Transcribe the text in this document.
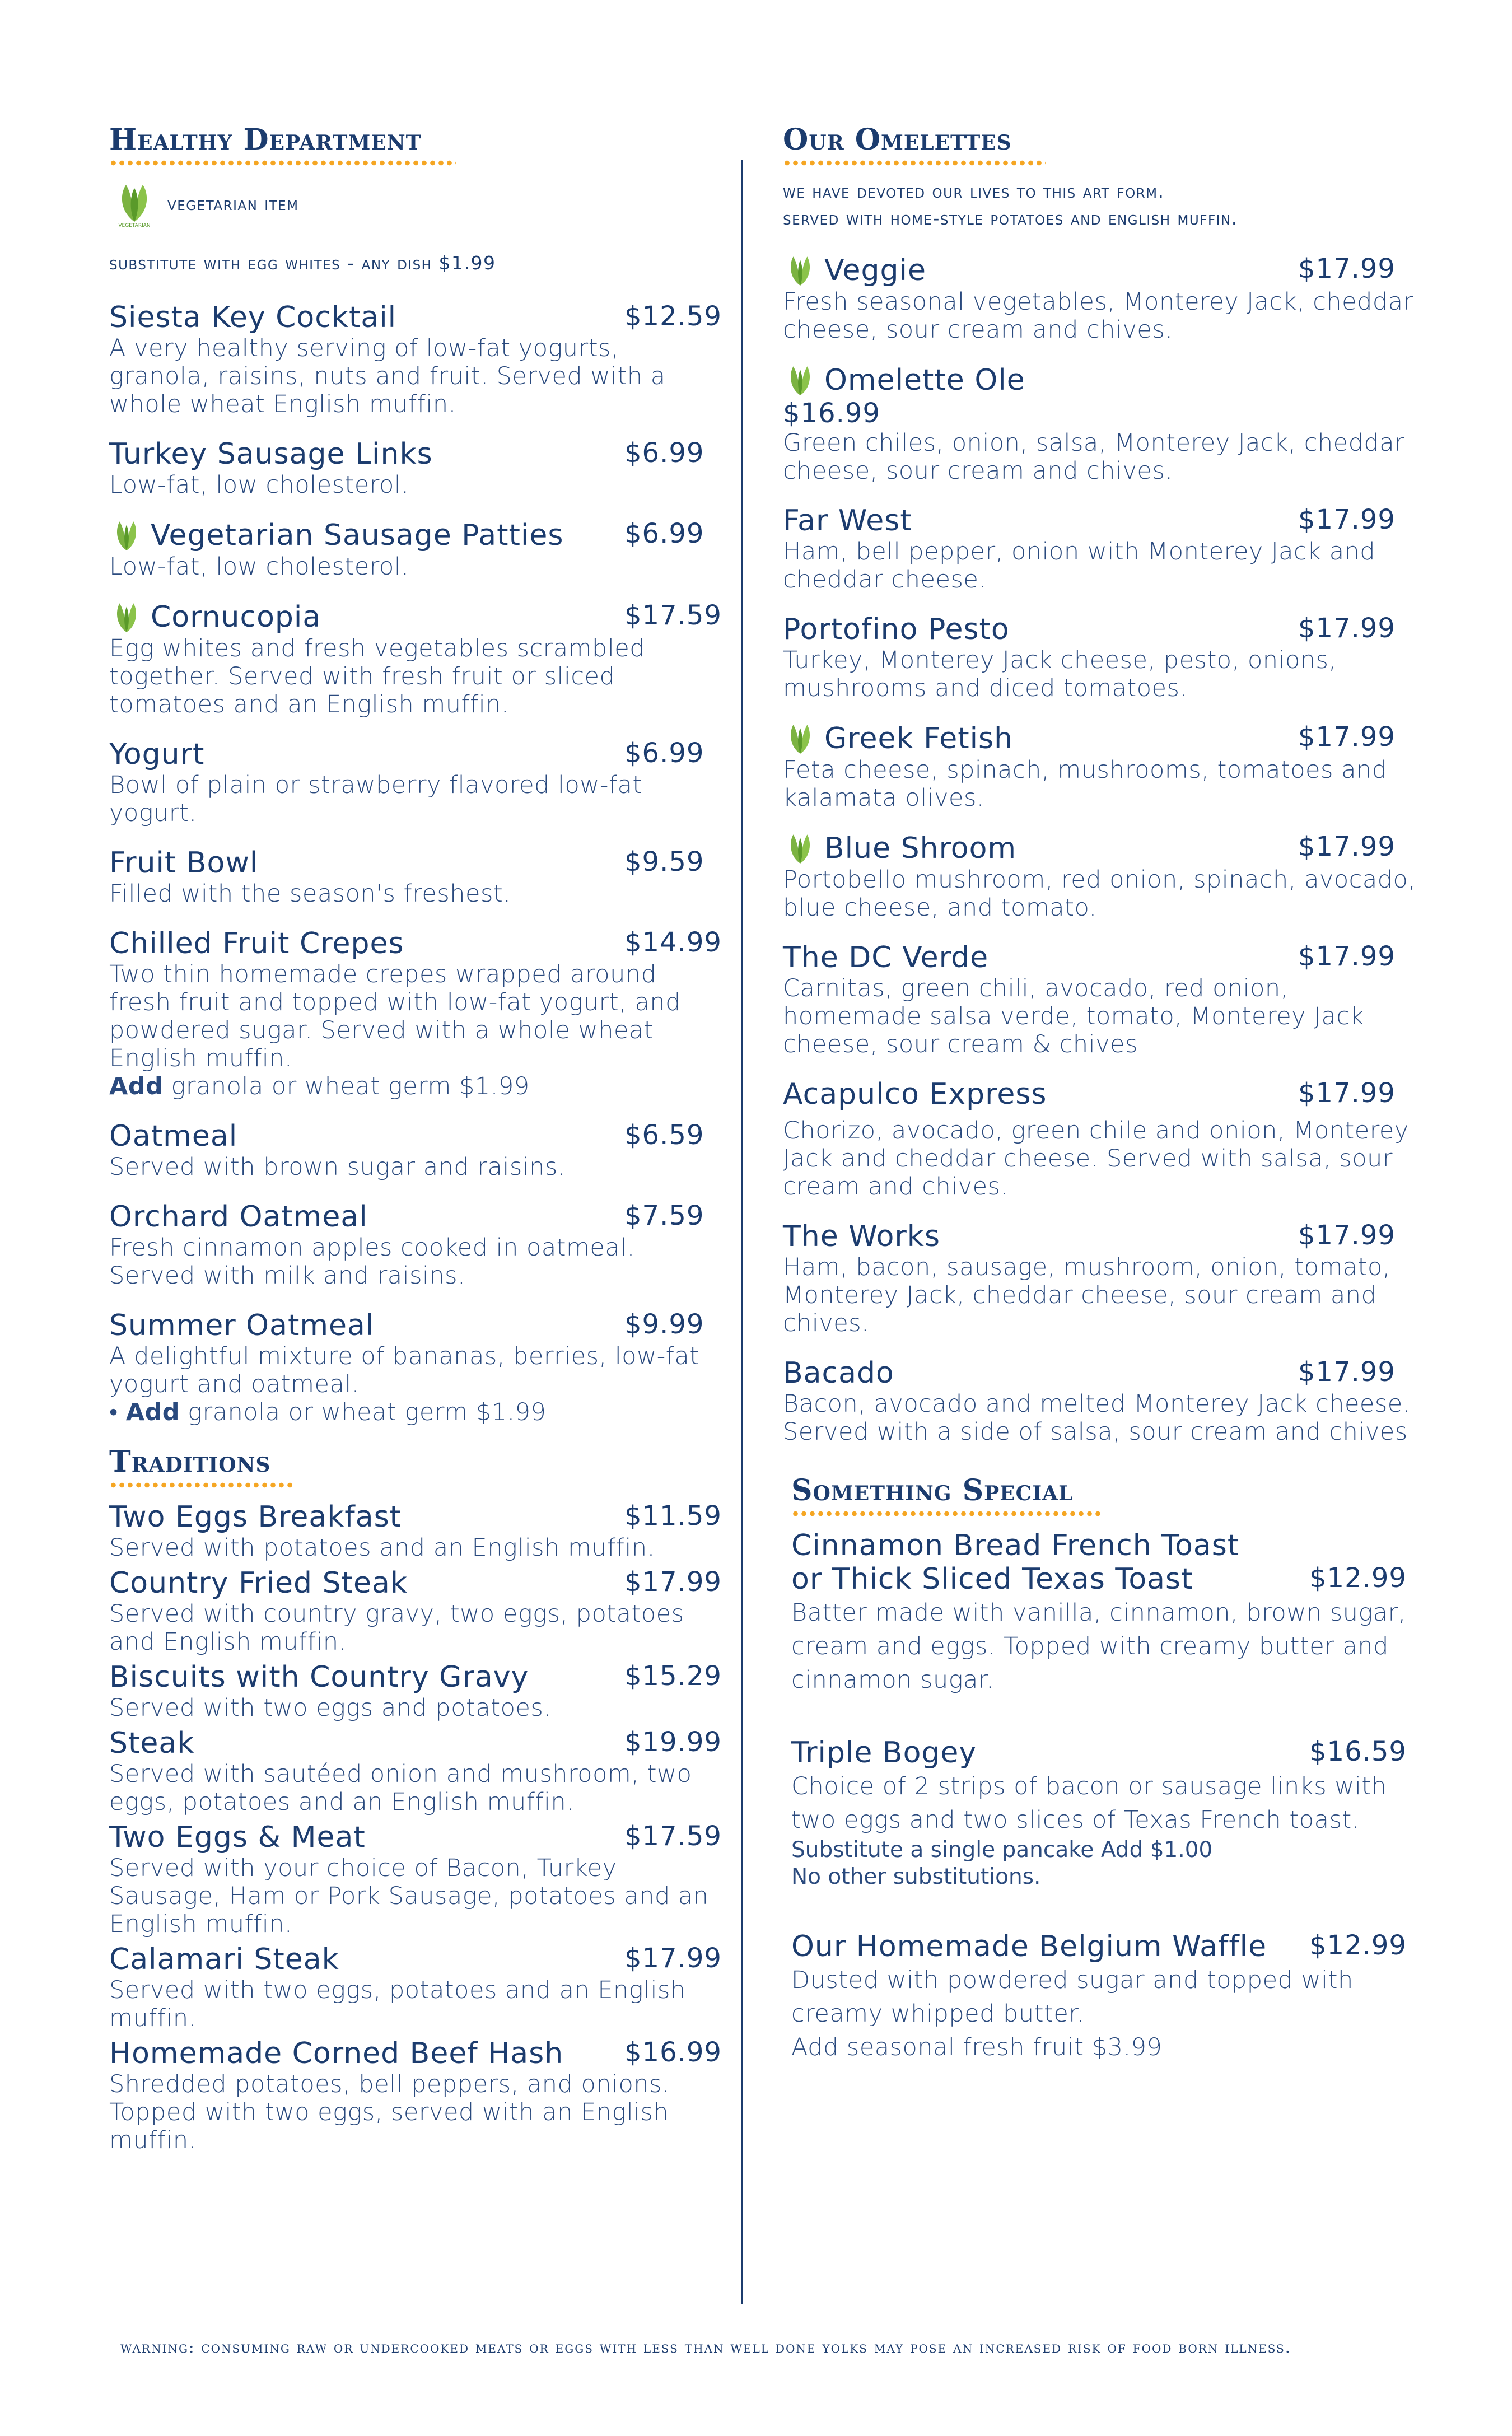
Healthy Department
VEGETARIAN
vegetarian item
substitute with egg whites - any dish $1.99
Siesta Key Cocktail	$12.59
A very healthy serving of low-fat yogurts, granola, raisins, nuts and fruit. Served with a whole wheat English muffin.
Turkey Sausage Links	$6.99
Low-fat, low cholesterol.
Vegetarian Sausage Patties $6.99
Low-fat, low cholesterol.
Cornucopia	$17.59
Egg whites and fresh vegetables scrambled together. Served with fresh fruit or sliced tomatoes and an English muffin.
Yogurt	$6.99
Bowl of plain or strawberry flavored low-fat yogurt.
Fruit Bowl	$9.59
Filled with the season's freshest.
Chilled Fruit Crepes	$14.99
Two thin homemade crepes wrapped around fresh fruit and topped with low-fat yogurt, and powdered sugar. Served with a whole wheat English muffin.
Add granola or wheat germ $1.99
Oatmeal	$6.59
Served with brown sugar and raisins.
Orchard Oatmeal	$7.59
Fresh cinnamon apples cooked in oatmeal. Served with milk and raisins.
Summer Oatmeal	$9.99
A delightful mixture of bananas, berries, low-fat yogurt and oatmeal.
• Add granola or wheat germ $1.99
Traditions
Two Eggs Breakfast	$11.59
Served with potatoes and an English muffin.
Country Fried Steak	$17.99
Served with country gravy, two eggs, potatoes and English muffin.
Biscuits with Country Gravy	$15.29
Served with two eggs and potatoes.
Steak	$19.99
Served with sautéed onion and mushroom, two eggs, potatoes and an English muffin.
Two Eggs & Meat	$17.59
Served with your choice of Bacon, Turkey Sausage, Ham or Pork Sausage, potatoes and an English muffin.
Calamari Steak	$17.99
Served with two eggs, potatoes and an English muffin.
Homemade Corned Beef Hash $16.99
Shredded potatoes, bell peppers, and onions. Topped with two eggs, served with an English muffin.
Our Omelettes
we have devoted our lives to this art form.
served with home-style potatoes and english muffin.
Veggie	$17.99
Fresh seasonal vegetables, Monterey Jack, cheddar cheese, sour cream and chives.
Omelette Ole
$16.99
Green chiles, onion, salsa, Monterey Jack, cheddar cheese, sour cream and chives.
Far West	$17.99
Ham, bell pepper, onion with Monterey Jack and cheddar cheese.
Portofino Pesto	$17.99
Turkey, Monterey Jack cheese, pesto, onions, mushrooms and diced tomatoes.
Greek Fetish	$17.99
Feta cheese, spinach, mushrooms, tomatoes and kalamata olives.
Blue Shroom	$17.99
Portobello mushroom, red onion, spinach, avocado, blue cheese, and tomato.
The DC Verde	$17.99
Carnitas, green chili, avocado, red onion, homemade salsa verde, tomato, Monterey Jack cheese, sour cream & chives
Acapulco Express	$17.99
Chorizo, avocado, green chile and onion, Monterey Jack and cheddar cheese. Served with salsa, sour cream and chives.
The Works	$17.99
Ham, bacon, sausage, mushroom, onion, tomato, Monterey Jack, cheddar cheese, sour cream and chives.
Bacado	$17.99
Bacon, avocado and melted Monterey Jack cheese. Served with a side of salsa, sour cream and chives
Something Special
Cinnamon Bread French Toast
or Thick Sliced Texas Toast	$12.99
Batter made with vanilla, cinnamon, brown sugar, cream and eggs. Topped with creamy butter and cinnamon sugar.
Triple Bogey	$16.59
Choice of 2 strips of bacon or sausage links with two eggs and two slices of Texas French toast.
Substitute a single pancake Add $1.00
No other substitutions.
Our Homemade Belgium Waffle $12.99
Dusted with powdered sugar and topped with creamy whipped butter.
Add seasonal fresh fruit $3.99
warning: consuming raw or undercooked meats or eggs with less than well done yolks may pose an increased risk of food born illness.
